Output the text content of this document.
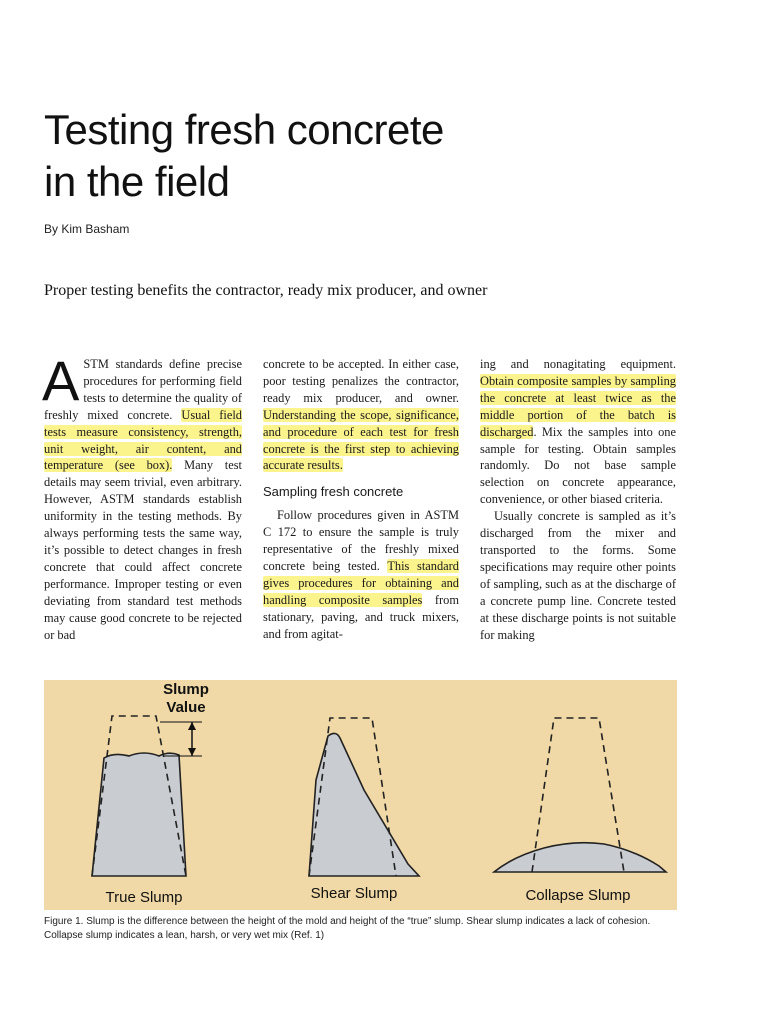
Testing fresh concrete
in the field
By Kim Basham
Proper testing benefits the contractor, ready mix producer, and owner

ASTM standards define precise procedures for performing field tests to determine the quality of freshly mixed concrete. Usual field tests measure consistency, strength, unit weight, air content, and temperature (see box). Many test details may seem trivial, even arbitrary. However, ASTM standards establish uniformity in the testing methods. By always performing tests the same way, it’s possible to detect changes in fresh concrete that could affect concrete performance. Improper testing or even deviating from standard test methods may cause good concrete to be rejected or bad

concrete to be accepted. In either case, poor testing penalizes the contractor, ready mix producer, and owner. Understanding the scope, significance, and procedure of each test for fresh concrete is the first step to achieving accurate results.

Sampling fresh concrete

Follow procedures given in ASTM C 172 to ensure the sample is truly representative of the freshly mixed concrete being tested. This standard gives procedures for obtaining and handling composite samples from stationary, paving, and truck mixers, and from agitat-

ing and nonagitating equipment. Obtain composite samples by sampling the concrete at least twice as the middle portion of the batch is discharged. Mix the samples into one sample for testing. Obtain samples randomly. Do not base sample selection on concrete appearance, convenience, or other biased criteria.

Usually concrete is sampled as it’s discharged from the mixer and transported to the forms. Some specifications may require other points of sampling, such as at the discharge of a concrete pump line. Concrete tested at these discharge points is not suitable for making

Slump
Value
True Slump	Shear Slump	Collapse Slump
Figure 1. Slump is the difference between the height of the mold and height of the “true” slump. Shear slump indicates a lack of cohesion. Collapse slump indicates a lean, harsh, or very wet mix (Ref. 1)
